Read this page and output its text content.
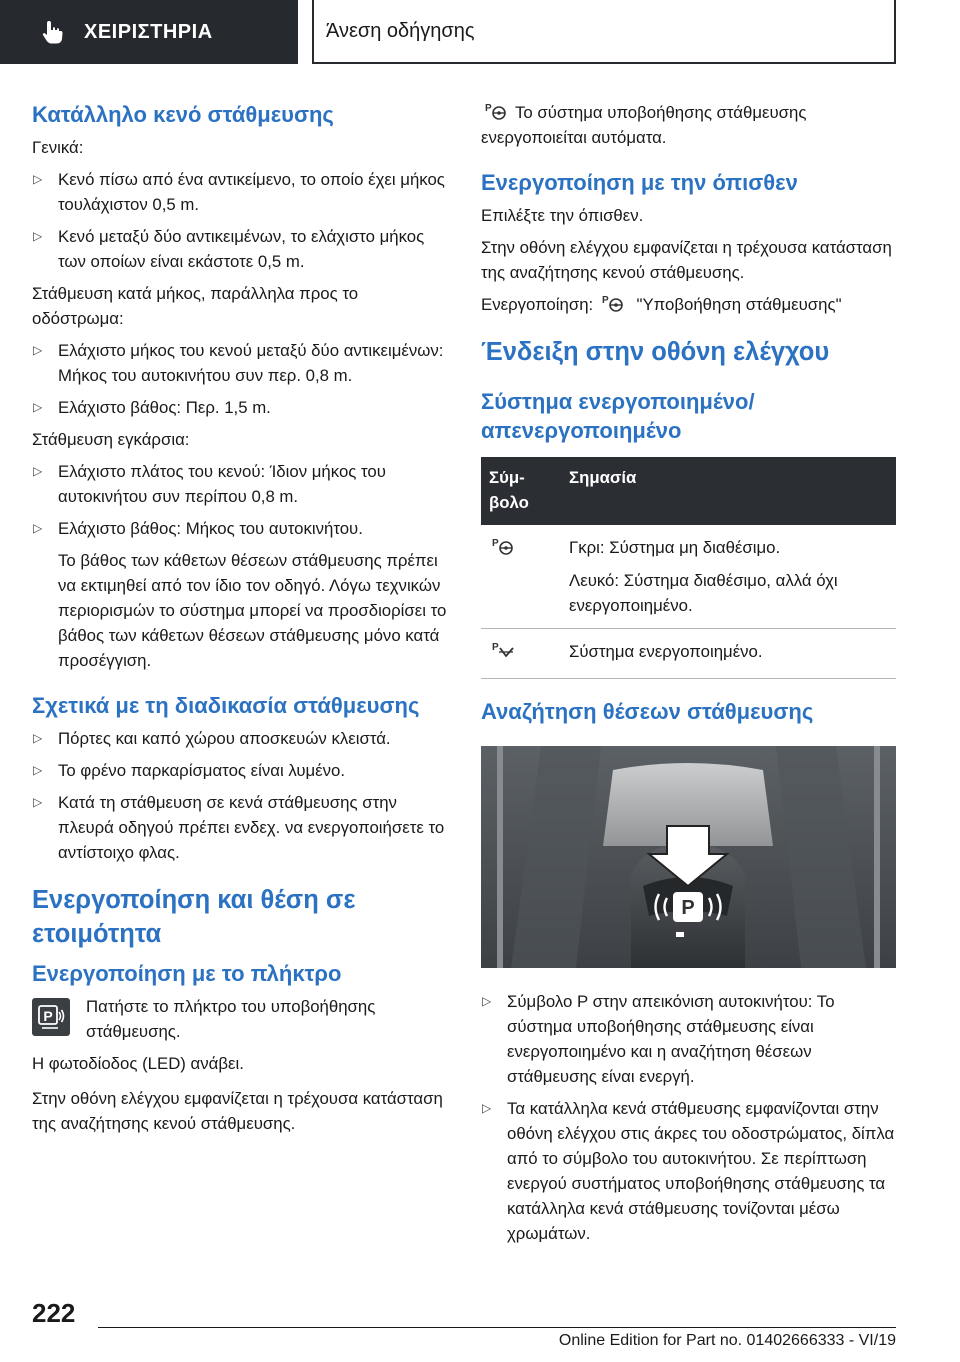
ΧΕΙΡΙΣΤΗΡΙΑ	Άνεση οδήγησης
Κατάλληλο κενό στάθμευσης
Γενικά:
▷ Κενό πίσω από ένα αντικείμενο, το οποίο έχει μήκος τουλάχιστον 0,5 m.
▷ Κενό μεταξύ δύο αντικειμένων, το ελάχιστο μήκος των οποίων είναι εκάστοτε 0,5 m.
Στάθμευση κατά μήκος, παράλληλα προς το οδόστρωμα:
▷ Ελάχιστο μήκος του κενού μεταξύ δύο αντικειμένων: Μήκος του αυτοκινήτου συν περ. 0,8 m.
▷ Ελάχιστο βάθος: Περ. 1,5 m.
Στάθμευση εγκάρσια:
▷ Ελάχιστο πλάτος του κενού: Ίδιον μήκος του αυτοκινήτου συν περίπου 0,8 m.
▷ Ελάχιστο βάθος: Μήκος του αυτοκινήτου.
Το βάθος των κάθετων θέσεων στάθμευσης πρέπει να εκτιμηθεί από τον ίδιο τον οδηγό. Λόγω τεχνικών περιορισμών το σύστημα μπορεί να προσδιορίσει το βάθος των κάθετων θέσεων στάθμευσης μόνο κατά προσέγγιση.
Σχετικά με τη διαδικασία στάθμευσης
▷ Πόρτες και καπό χώρου αποσκευών κλειστά.
▷ Το φρένο παρκαρίσματος είναι λυμένο.
▷ Κατά τη στάθμευση σε κενά στάθμευσης στην πλευρά οδηγού πρέπει ενδεχ. να ενεργοποιήσετε το αντίστοιχο φλας.
Ενεργοποίηση και θέση σε ετοιμότητα
Ενεργοποίηση με το πλήκτρο
P Πατήστε το πλήκτρο του υποβοήθησης στάθμευσης.
Η φωτοδίοδος (LED) ανάβει.
Στην οθόνη ελέγχου εμφανίζεται η τρέχουσα κατάσταση της αναζήτησης κενού στάθμευσης.
P Το σύστημα υποβοήθησης στάθμευσης ενεργοποιείται αυτόματα.
Ενεργοποίηση με την όπισθεν
Επιλέξτε την όπισθεν.
Στην οθόνη ελέγχου εμφανίζεται η τρέχουσα κατάσταση της αναζήτησης κενού στάθμευσης.
Ενεργοποίηση: P "Υποβοήθηση στάθμευσης"
Ένδειξη στην οθόνη ελέγχου
Σύστημα ενεργοποιημένο/ απενεργοποιημένο
Σύμβολο	Σημασία

P	Γκρι: Σύστημα μη διαθέσιμο.
Λευκό: Σύστημα διαθέσιμο, αλλά όχι ενεργοποιημένο.

P	Σύστημα ενεργοποιημένο.
Αναζήτηση θέσεων στάθμευσης
P
▷ Σύμβολο P στην απεικόνιση αυτοκινήτου: Το σύστημα υποβοήθησης στάθμευσης είναι ενεργοποιημένο και η αναζήτηση θέσεων στάθμευσης είναι ενεργή.
▷ Τα κατάλληλα κενά στάθμευσης εμφανίζονται στην οθόνη ελέγχου στις άκρες του οδοστρώματος, δίπλα από το σύμβολο του αυτοκινήτου. Σε περίπτωση ενεργού συστήματος υποβοήθησης στάθμευσης τα κατάλληλα κενά στάθμευσης τονίζονται μέσω χρωμάτων.
222
Online Edition for Part no. 01402666333 - VI/19
